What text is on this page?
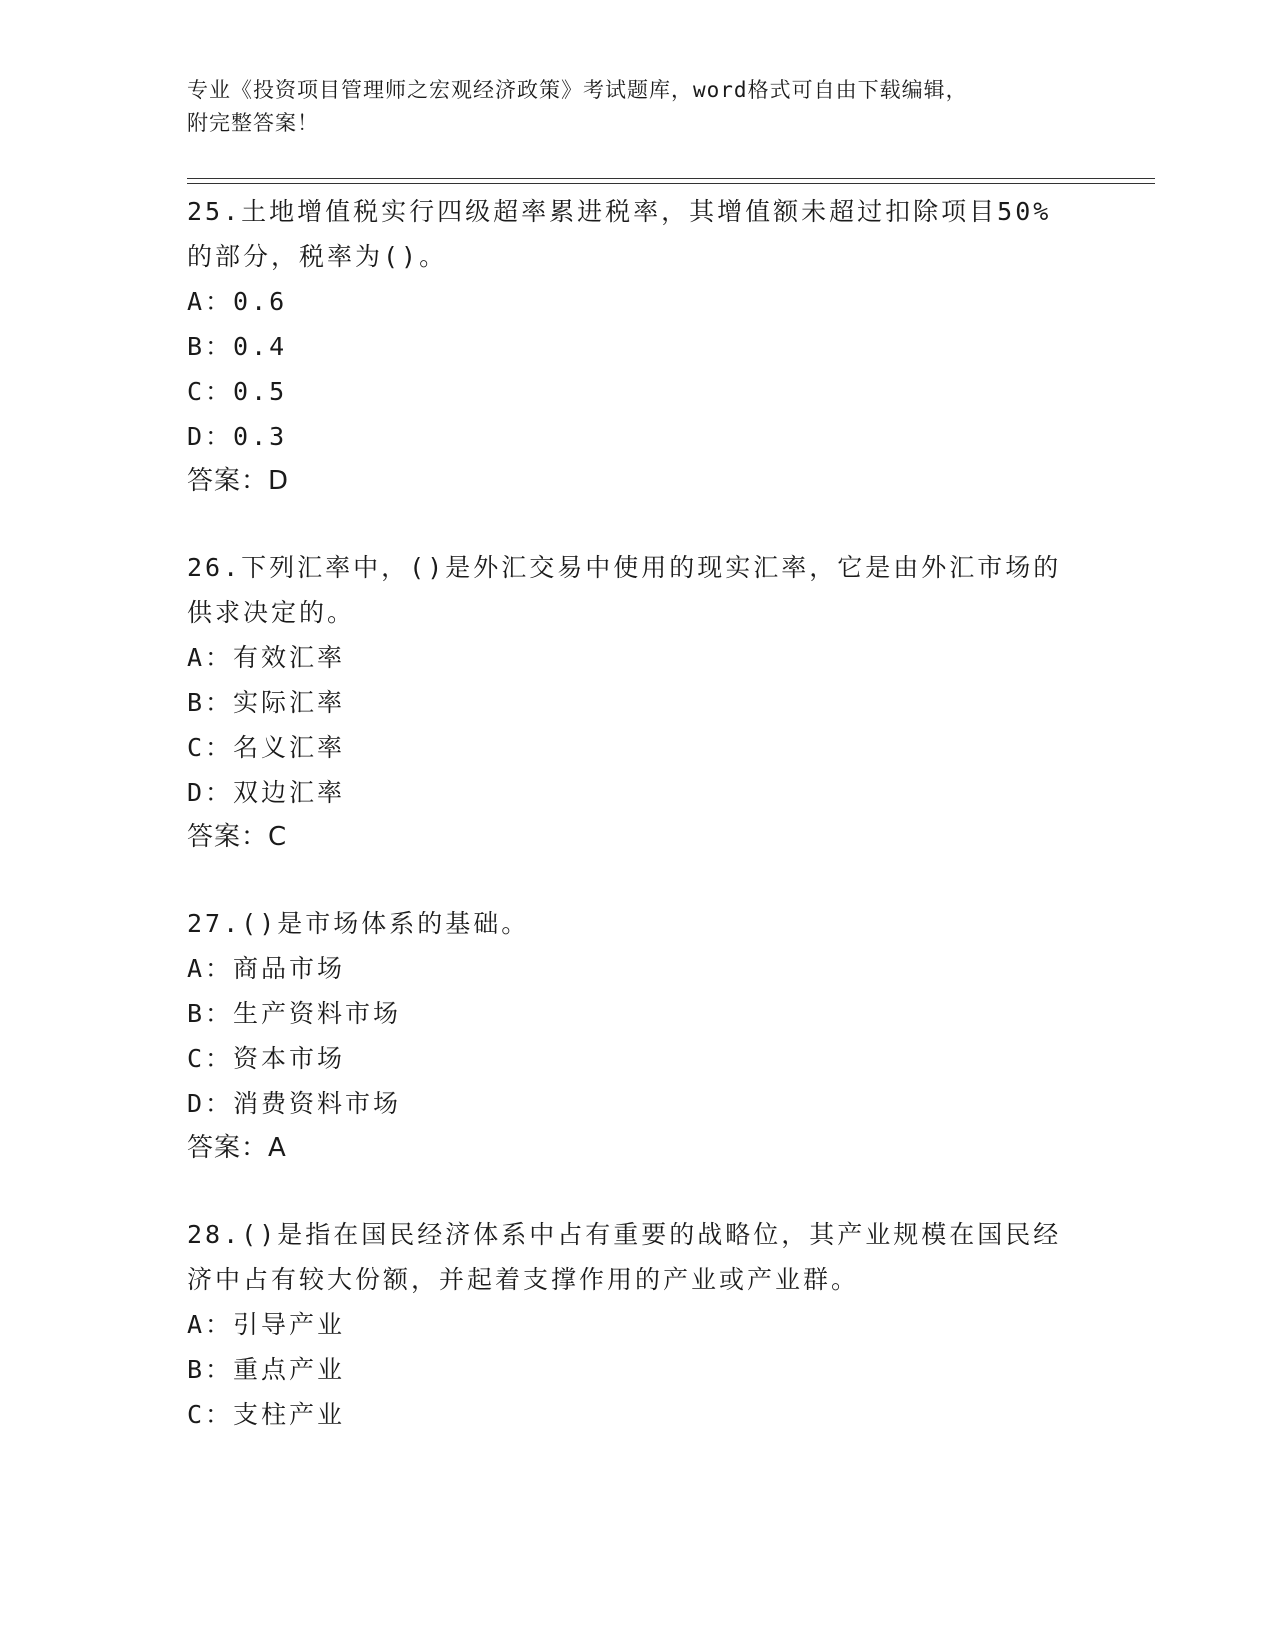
专业《投资项目管理师之宏观经济政策》考试题库，word格式可自由下载编辑，
附完整答案！
25.土地增值税实行四级超率累进税率，其增值额未超过扣除项目50%的部分，税率为()。
A：0.6
B：0.4
C：0.5
D：0.3
答案：D
26.下列汇率中，()是外汇交易中使用的现实汇率，它是由外汇市场的供求决定的。
A：有效汇率
B：实际汇率
C：名义汇率
D：双边汇率
答案：C
27.()是市场体系的基础。
A：商品市场
B：生产资料市场
C：资本市场
D：消费资料市场
答案：A
28.()是指在国民经济体系中占有重要的战略位，其产业规模在国民经济中占有较大份额，并起着支撑作用的产业或产业群。
A：引导产业
B：重点产业
C：支柱产业
